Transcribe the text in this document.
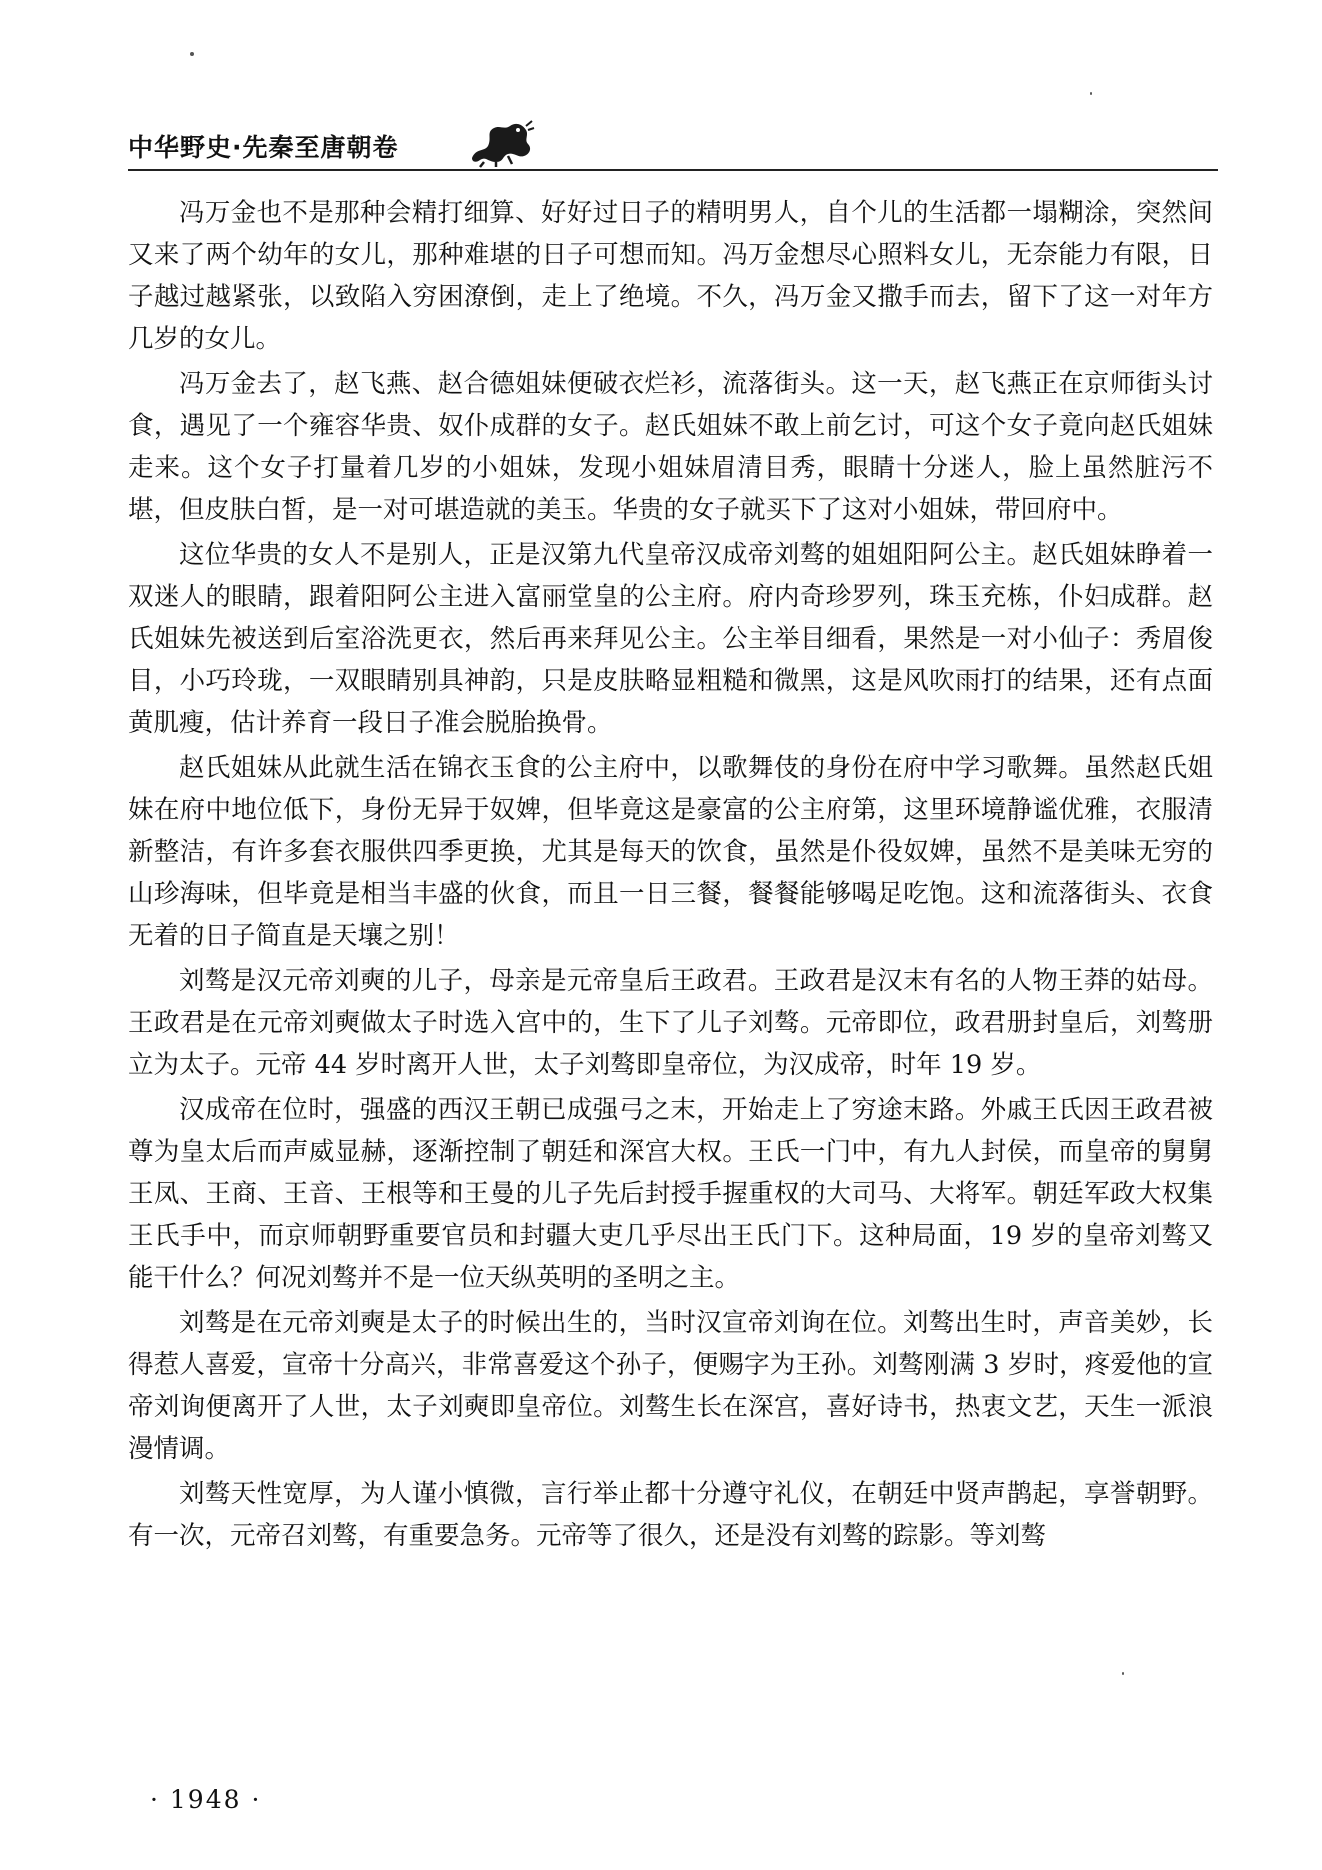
中华野史·先秦至唐朝卷

冯万金也不是那种会精打细算、好好过日子的精明男人，自个儿的生活都一塌糊涂，突然间又来了两个幼年的女儿，那种难堪的日子可想而知。冯万金想尽心照料女儿，无奈能力有限，日子越过越紧张，以致陷入穷困潦倒，走上了绝境。不久，冯万金又撒手而去，留下了这一对年方几岁的女儿。

冯万金去了，赵飞燕、赵合德姐妹便破衣烂衫，流落街头。这一天，赵飞燕正在京师街头讨食，遇见了一个雍容华贵、奴仆成群的女子。赵氏姐妹不敢上前乞讨，可这个女子竟向赵氏姐妹走来。这个女子打量着几岁的小姐妹，发现小姐妹眉清目秀，眼睛十分迷人，脸上虽然脏污不堪，但皮肤白皙，是一对可堪造就的美玉。华贵的女子就买下了这对小姐妹，带回府中。

这位华贵的女人不是别人，正是汉第九代皇帝汉成帝刘骜的姐姐阳阿公主。赵氏姐妹睁着一双迷人的眼睛，跟着阳阿公主进入富丽堂皇的公主府。府内奇珍罗列，珠玉充栋，仆妇成群。赵氏姐妹先被送到后室浴洗更衣，然后再来拜见公主。公主举目细看，果然是一对小仙子：秀眉俊目，小巧玲珑，一双眼睛别具神韵，只是皮肤略显粗糙和微黑，这是风吹雨打的结果，还有点面黄肌瘦，估计养育一段日子准会脱胎换骨。

赵氏姐妹从此就生活在锦衣玉食的公主府中，以歌舞伎的身份在府中学习歌舞。虽然赵氏姐妹在府中地位低下，身份无异于奴婢，但毕竟这是豪富的公主府第，这里环境静谧优雅，衣服清新整洁，有许多套衣服供四季更换，尤其是每天的饮食，虽然是仆役奴婢，虽然不是美味无穷的山珍海味，但毕竟是相当丰盛的伙食，而且一日三餐，餐餐能够喝足吃饱。这和流落街头、衣食无着的日子简直是天壤之别！

刘骜是汉元帝刘奭的儿子，母亲是元帝皇后王政君。王政君是汉末有名的人物王莽的姑母。王政君是在元帝刘奭做太子时选入宫中的，生下了儿子刘骜。元帝即位，政君册封皇后，刘骜册立为太子。元帝 44 岁时离开人世，太子刘骜即皇帝位，为汉成帝，时年 19 岁。

汉成帝在位时，强盛的西汉王朝已成强弓之末，开始走上了穷途末路。外戚王氏因王政君被尊为皇太后而声威显赫，逐渐控制了朝廷和深宫大权。王氏一门中，有九人封侯，而皇帝的舅舅王凤、王商、王音、王根等和王曼的儿子先后封授手握重权的大司马、大将军。朝廷军政大权集王氏手中，而京师朝野重要官员和封疆大吏几乎尽出王氏门下。这种局面，19 岁的皇帝刘骜又能干什么？何况刘骜并不是一位天纵英明的圣明之主。

刘骜是在元帝刘奭是太子的时候出生的，当时汉宣帝刘询在位。刘骜出生时，声音美妙，长得惹人喜爱，宣帝十分高兴，非常喜爱这个孙子，便赐字为王孙。刘骜刚满 3 岁时，疼爱他的宣帝刘询便离开了人世，太子刘奭即皇帝位。刘骜生长在深宫，喜好诗书，热衷文艺，天生一派浪漫情调。

刘骜天性宽厚，为人谨小慎微，言行举止都十分遵守礼仪，在朝廷中贤声鹊起，享誉朝野。有一次，元帝召刘骜，有重要急务。元帝等了很久，还是没有刘骜的踪影。等刘骜

· 1948 ·
